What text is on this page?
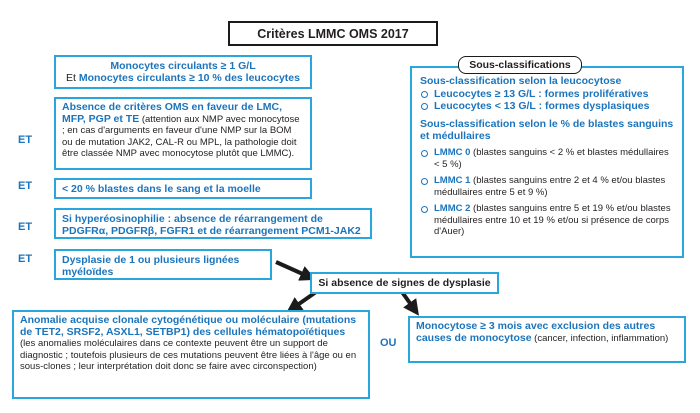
Critères LMMC OMS 2017
Monocytes circulants ≥ 1 G/L
Et Monocytes circulants ≥ 10 % des leucocytes
ET
ET
ET
ET
Absence de critères OMS en faveur de LMC, MFP, PGP et TE (attention aux NMP avec monocytose ; en cas d'arguments en faveur d'une NMP sur la BOM ou de mutation JAK2, CAL-R ou MPL, la pathologie doit être classée NMP avec monocytose plutôt que LMMC).
< 20 % blastes dans le sang et la moelle
Si hyperéosinophilie : absence de réarrangement de PDGFRα, PDGFRβ, FGFR1 et de réarrangement PCM1-JAK2
Dysplasie de 1 ou plusieurs lignées myéloïdes
Sous-classification selon la leucocytose
Leucocytes ≥ 13 G/L : formes prolifératives
Leucocytes < 13 G/L : formes dysplasiques
Sous-classification selon le % de blastes sanguins et médullaires
LMMC 0 (blastes sanguins < 2 % et blastes médullaires < 5 %)
LMMC 1 (blastes sanguins entre 2 et 4 % et/ou blastes médullaires entre 5 et 9 %)
LMMC 2 (blastes sanguins entre 5 et 19 % et/ou blastes médullaires entre 10 et 19 % et/ou si présence de corps d'Auer)
Sous-classifications
Si absence de signes de dysplasie
Anomalie acquise clonale cytogénétique ou moléculaire (mutations de TET2, SRSF2, ASXL1, SETBP1) des cellules hématopoïétiques (les anomalies moléculaires dans ce contexte peuvent être un support de diagnostic ; toutefois plusieurs de ces mutations peuvent être liées à l'âge ou en sous-clones ; leur interprétation doit donc se faire avec circonspection)
OU
Monocytose ≥ 3 mois avec exclusion des autres causes de monocytose (cancer, infection, inflammation)
